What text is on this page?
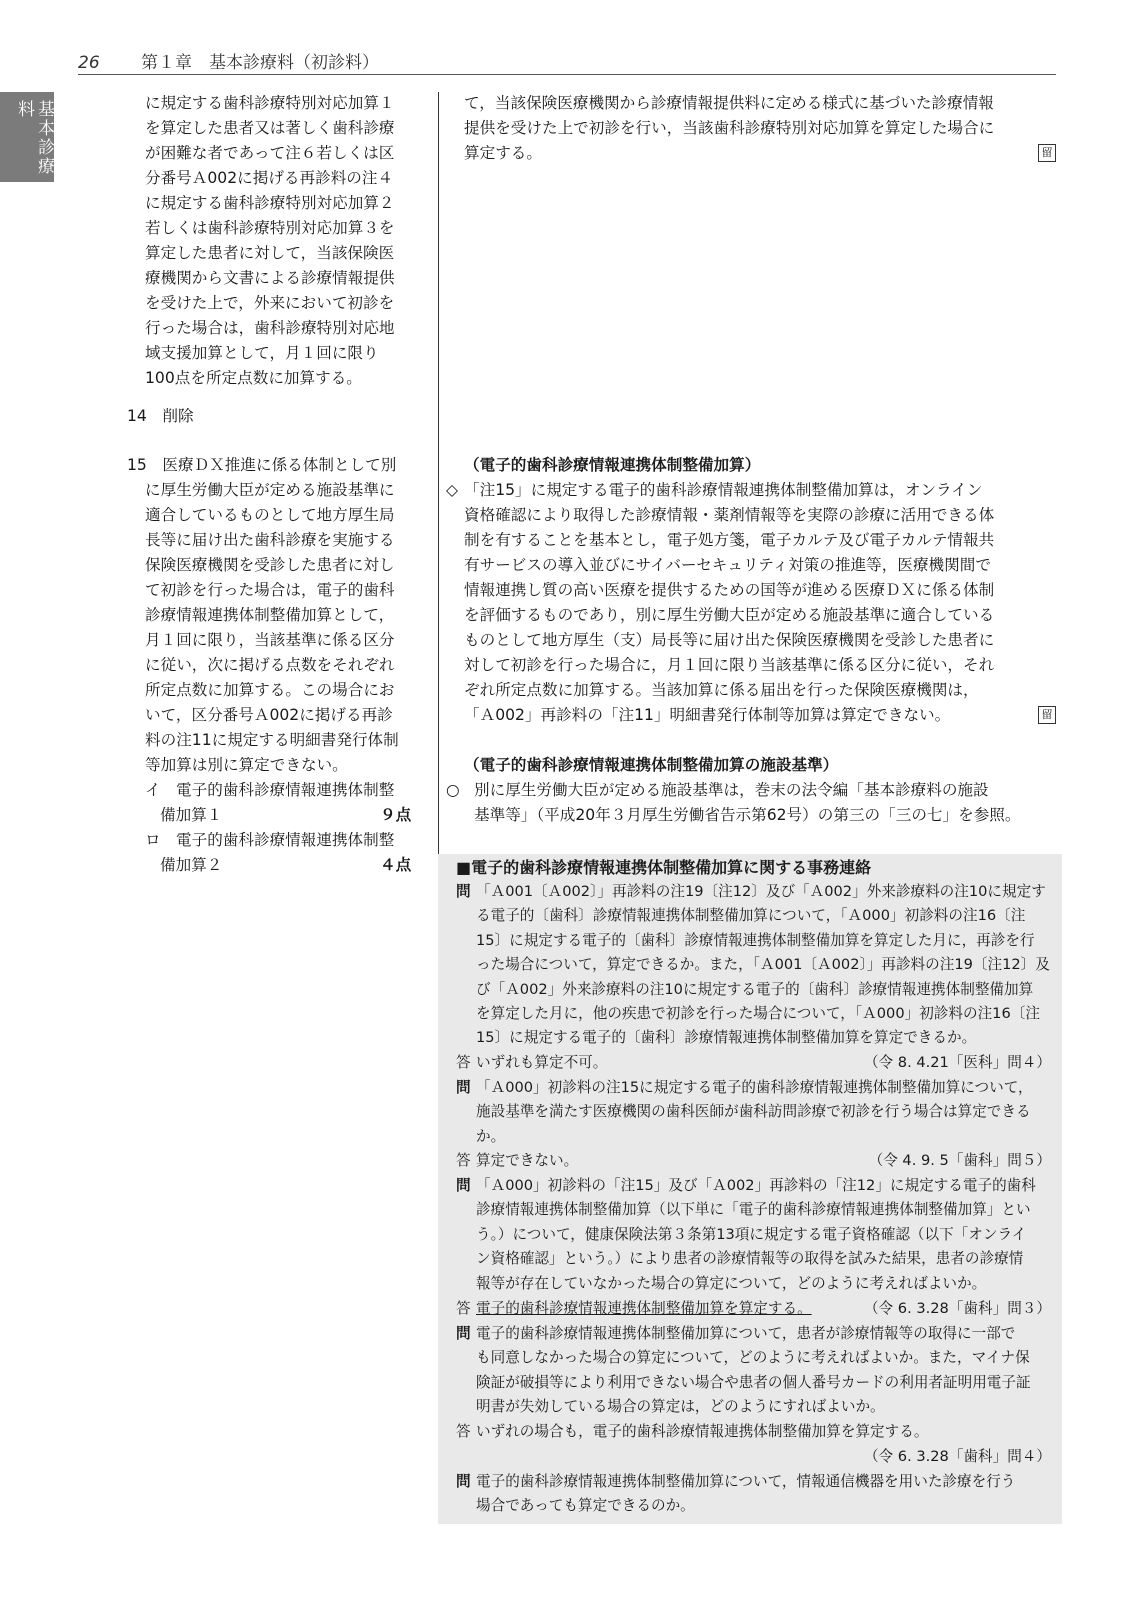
26 第１章　基本診療料（初診料）
基本診療料	に規定する歯科診療特別対応加算１
を算定した患者又は著しく歯科診療
が困難な者であって注６若しくは区
分番号Ａ002に掲げる再診料の注４
に規定する歯科診療特別対応加算２
若しくは歯科診療特別対応加算３を
算定した患者に対して，当該保険医
療機関から文書による診療情報提供
を受けた上で，外来において初診を
行った場合は，歯科診療特別対応地
域支援加算として，月１回に限り
100点を所定点数に加算する。
14　削除
15　医療ＤＸ推進に係る体制として別
に厚生労働大臣が定める施設基準に
適合しているものとして地方厚生局
長等に届け出た歯科診療を実施する
保険医療機関を受診した患者に対し
て初診を行った場合は，電子的歯科
診療情報連携体制整備加算として，
月１回に限り，当該基準に係る区分
に従い，次に掲げる点数をそれぞれ
所定点数に加算する。この場合にお
いて，区分番号Ａ002に掲げる再診
料の注11に規定する明細書発行体制
等加算は別に算定できない。
イ 電子的歯科診療情報連携体制整
備加算１	９点
ロ 電子的歯科診療情報連携体制整
備加算２	４点
て，当該保険医療機関から診療情報提供料に定める様式に基づいた診療情報
提供を受けた上で初診を行い，当該歯科診療特別対応加算を算定した場合に
算定する。	留
（電子的歯科診療情報連携体制整備加算）
◇ 「注15」に規定する電子的歯科診療情報連携体制整備加算は，オンライン
資格確認により取得した診療情報・薬剤情報等を実際の診療に活用できる体
制を有することを基本とし，電子処方箋，電子カルテ及び電子カルテ情報共
有サービスの導入並びにサイバーセキュリティ対策の推進等，医療機関間で
情報連携し質の高い医療を提供するための国等が進める医療ＤＸに係る体制
を評価するものであり，別に厚生労働大臣が定める施設基準に適合している
ものとして地方厚生（支）局長等に届け出た保険医療機関を受診した患者に
対して初診を行った場合に，月１回に限り当該基準に係る区分に従い，それ
ぞれ所定点数に加算する。当該加算に係る届出を行った保険医療機関は，
「Ａ002」再診料の「注11」明細書発行体制等加算は算定できない。	留
（電子的歯科診療情報連携体制整備加算の施設基準）
○ 別に厚生労働大臣が定める施設基準は，巻末の法令編「基本診療料の施設
基準等」（平成20年３月厚生労働省告示第62号）の第三の「三の七」を参照。
■電子的歯科診療情報連携体制整備加算に関する事務連絡
問 「Ａ001〔Ａ002〕」再診料の注19〔注12〕及び「Ａ002」外来診療料の注10に規定す
る電子的〔歯科〕診療情報連携体制整備加算について，「Ａ000」初診料の注16〔注
15〕に規定する電子的〔歯科〕診療情報連携体制整備加算を算定した月に，再診を行
った場合について，算定できるか。また，「Ａ001〔Ａ002〕」再診料の注19〔注12〕及
び「Ａ002」外来診療料の注10に規定する電子的〔歯科〕診療情報連携体制整備加算
を算定した月に，他の疾患で初診を行った場合について，「Ａ000」初診料の注16〔注
15〕に規定する電子的〔歯科〕診療情報連携体制整備加算を算定できるか。
答 いずれも算定不可。	（令 8. 4.21「医科」問４）
問 「Ａ000」初診料の注15に規定する電子的歯科診療情報連携体制整備加算について，
施設基準を満たす医療機関の歯科医師が歯科訪問診療で初診を行う場合は算定できる
か。
答 算定できない。	（令 4. 9. 5「歯科」問５）
問 「Ａ000」初診料の「注15」及び「Ａ002」再診料の「注12」に規定する電子的歯科
診療情報連携体制整備加算（以下単に「電子的歯科診療情報連携体制整備加算」とい
う。）について，健康保険法第３条第13項に規定する電子資格確認（以下「オンライ
ン資格確認」という。）により患者の診療情報等の取得を試みた結果，患者の診療情
報等が存在していなかった場合の算定について，どのように考えればよいか。
答 電子的歯科診療情報連携体制整備加算を算定する。	（令 6. 3.28「歯科」問３）
問 電子的歯科診療情報連携体制整備加算について，患者が診療情報等の取得に一部で
も同意しなかった場合の算定について，どのように考えればよいか。また，マイナ保
険証が破損等により利用できない場合や患者の個人番号カードの利用者証明用電子証
明書が失効している場合の算定は，どのようにすればよいか。
答 いずれの場合も，電子的歯科診療情報連携体制整備加算を算定する。
（令 6. 3.28「歯科」問４）
問 電子的歯科診療情報連携体制整備加算について，情報通信機器を用いた診療を行う
場合であっても算定できるのか。
